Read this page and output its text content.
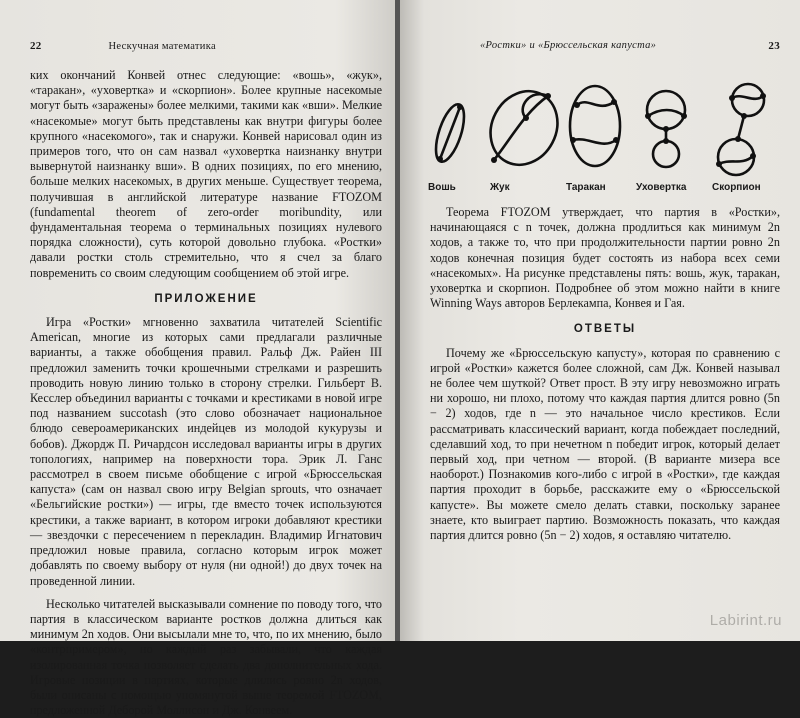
22	Нескучная математика

ких окончаний Конвей отнес следующие: «вошь», «жук», «таракан», «уховертка» и «скорпион». Более крупные насекомые могут быть «заражены» более мелкими, такими как «вши». Мелкие «насекомые» могут быть представлены как внутри фигуры более крупного «насекомого», так и снаружи. Конвей нарисовал один из примеров того, что он сам назвал «уховертка наизнанку внутри вывернутой наизнанку вши». В одних позициях, по его мнению, больше мелких насекомых, в других меньше. Существует теорема, получившая в английской литературе название FTOZOM (fundamental theorem of zero-order moribundity, или фундаментальная теорема о терминальных позициях нулевого порядка сложности), суть которой довольно глубока. «Ростки» давали ростки столь стремительно, что я счел за благо повременить со своим следующим сообщением об этой игре.

ПРИЛОЖЕНИЕ

Игра «Ростки» мгновенно захватила читателей Scientific American, многие из которых сами предлагали различные варианты, а также обобщения правил. Ральф Дж. Райен III предложил заменить точки крошечными стрелками и разрешить проводить новую линию только в сторону стрелки. Гильберт В. Кесслер объединил варианты с точками и крестиками в новой игре под названием succotash (это слово обозначает национальное блюдо североамериканских индейцев из молодой кукурузы и бобов). Джордж П. Ричардсон исследовал варианты игры в других топологиях, например на поверхности тора. Эрик Л. Ганс рассмотрел в своем письме обобщение с игрой «Брюссельская капуста» (сам он назвал свою игру Belgian sprouts, что означает «Бельгийские ростки») — игры, где вместо точек используются крестики, а также вариант, в котором игроки добавляют крестики — звездочки с пересечением n перекладин. Владимир Игнатович предложил новые правила, согласно которым игрок может добавлять по своему выбору от нуля (ни одной!) до двух точек на проведенной линии.

Несколько читателей высказывали сомнение по поводу того, что партия в классическом варианте ростков должна длиться как минимум 2n ходов. Они высылали мне то, что, по их мнению, было «контрпримером», но каждый раз забывали, что каждая изолированная точка позволяет сделать два дополнительных хода. Игровые позиции в партиях, которые длились ровно 2n ходов, были описаны с помощью упомянутой выше теоремой FTOZOM, предложенной Деборой Моллисон и Дж. Конвеем.

«Ростки» и «Брюссельская капуста»	23
Вошь	Жук	Таракан	Уховертка	Скорпион

Теорема FTOZOM утверждает, что партия в «Ростки», начинающаяся с n точек, должна продлиться как минимум 2n ходов, а также то, что при продолжительности партии ровно 2n ходов конечная позиция будет состоять из набора всех семи «насекомых». На рисунке представлены пять: вошь, жук, таракан, уховертка и скорпион. Подробнее об этом можно найти в книге Winning Ways авторов Берлекампа, Конвея и Гая.

ОТВЕТЫ

Почему же «Брюссельскую капусту», которая по сравнению с игрой «Ростки» кажется более сложной, сам Дж. Конвей называл не более чем шуткой? Ответ прост. В эту игру невозможно играть ни хорошо, ни плохо, потому что каждая партия длится ровно (5n − 2) ходов, где n — это начальное число крестиков. Если рассматривать классический вариант, когда побеждает последний, сделавший ход, то при нечетном n победит игрок, который делает первый ход, при четном — второй. (В варианте мизера все наоборот.) Познакомив кого-либо с игрой в «Ростки», где каждая партия проходит в борьбе, расскажите ему о «Брюссельской капусте». Вы можете смело делать ставки, поскольку заранее знаете, кто выиграет партию. Возможность показать, что каждая партия длится ровно (5n − 2) ходов, я оставляю читателю.

Labirint.ru
